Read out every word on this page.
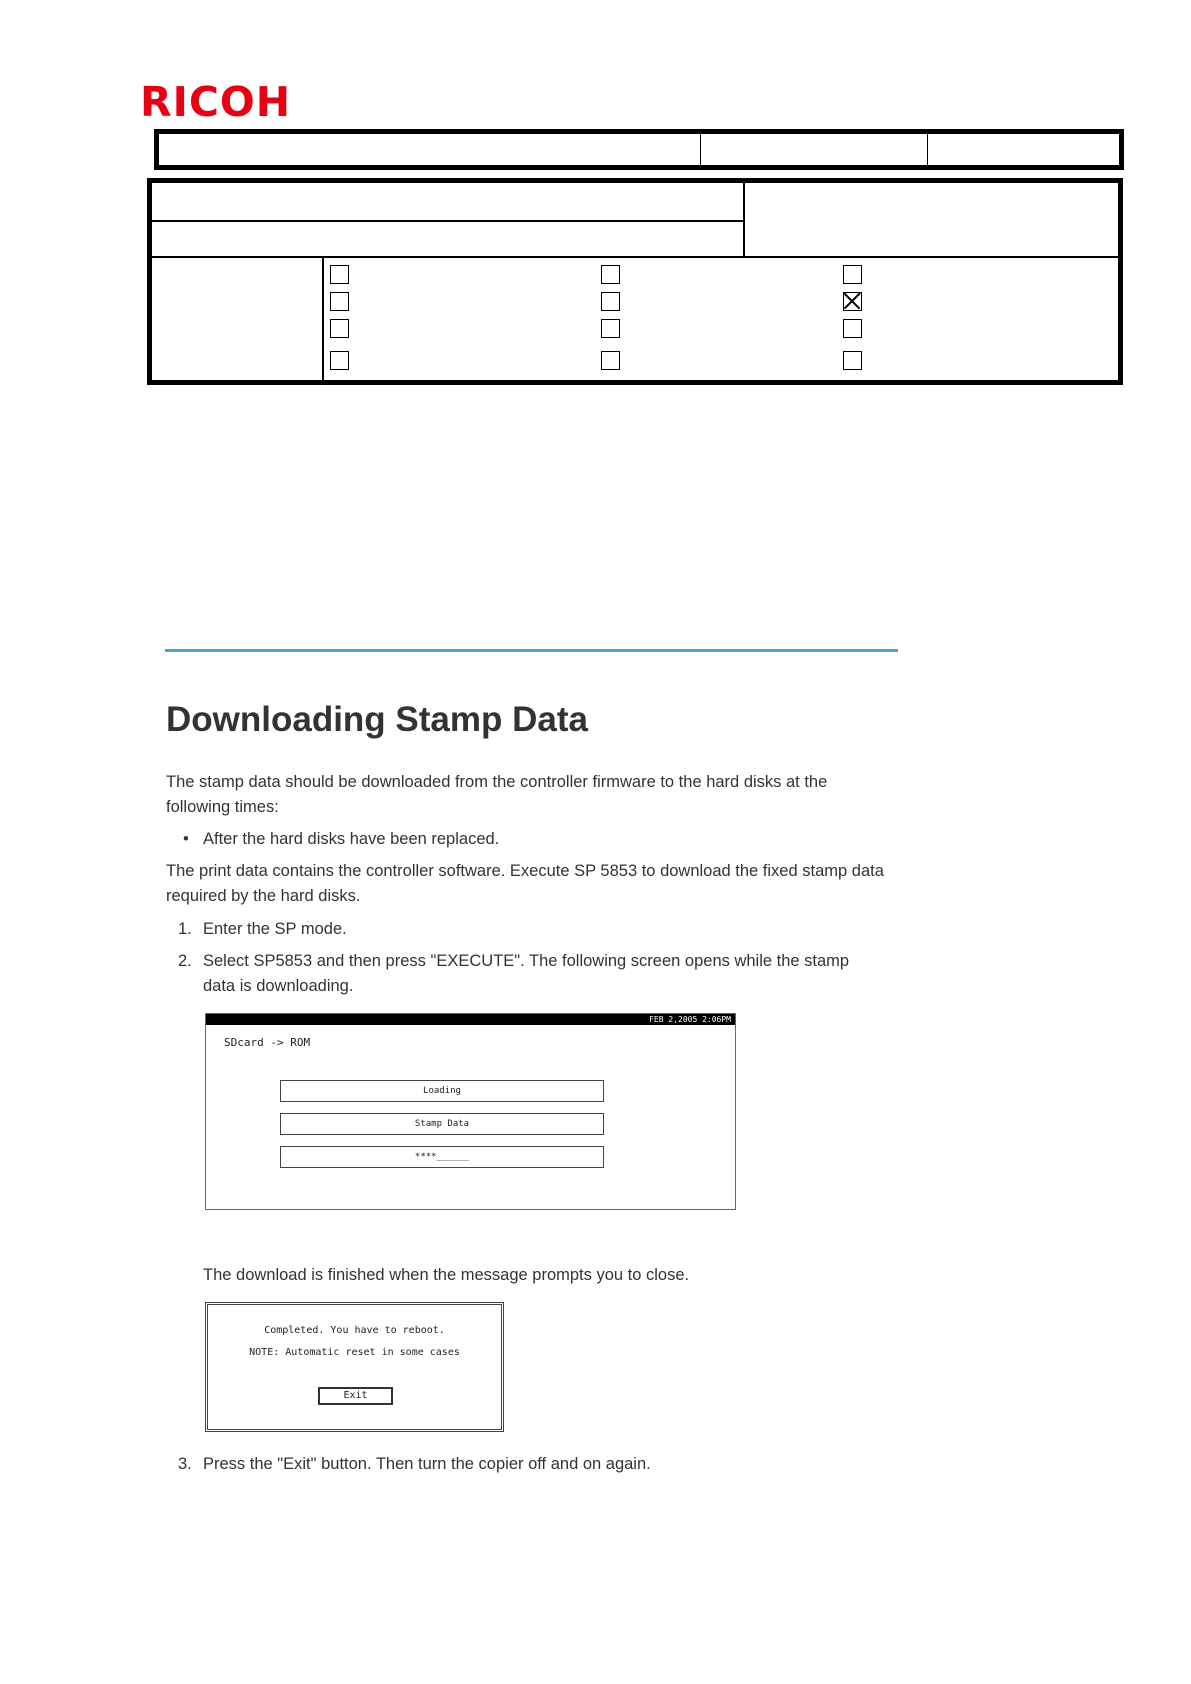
RICOH
Downloading Stamp Data

The stamp data should be downloaded from the controller firmware to the hard disks at the following times:

• After the hard disks have been replaced.

The print data contains the controller software. Execute SP 5853 to download the fixed stamp data required by the hard disks.

1. Enter the SP mode.
2. Select SP5853 and then press "EXECUTE". The following screen opens while the stamp data is downloading.
FEB 2,2005 2:06PM
SDcard -> ROM
Loading
Stamp Data
****______
The download is finished when the message prompts you to close.
Completed. You have to reboot.
NOTE: Automatic reset in some cases
Exit
3. Press the "Exit" button. Then turn the copier off and on again.
